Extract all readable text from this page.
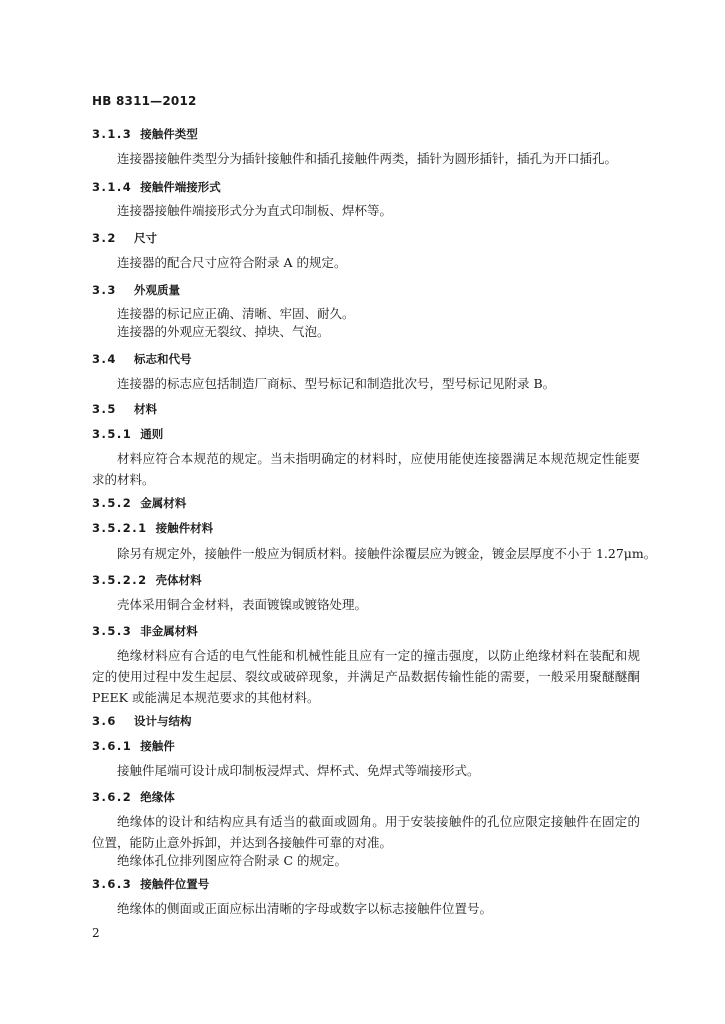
HB 8311—2012
3.1.3 接触件类型
连接器接触件类型分为插针接触件和插孔接触件两类，插针为圆形插针，插孔为开口插孔。
3.1.4 接触件端接形式
连接器接触件端接形式分为直式印制板、焊杯等。
3.2 尺寸
连接器的配合尺寸应符合附录 A 的规定。
3.3 外观质量
连接器的标记应正确、清晰、牢固、耐久。
连接器的外观应无裂纹、掉块、气泡。
3.4 标志和代号
连接器的标志应包括制造厂商标、型号标记和制造批次号，型号标记见附录 B。
3.5 材料
3.5.1 通则
材料应符合本规范的规定。当未指明确定的材料时，应使用能使连接器满足本规范规定性能要求的材料。
3.5.2 金属材料
3.5.2.1 接触件材料
除另有规定外，接触件一般应为铜质材料。接触件涂覆层应为镀金，镀金层厚度不小于 1.27μm。
3.5.2.2 壳体材料
壳体采用铜合金材料，表面镀镍或镀铬处理。
3.5.3 非金属材料
绝缘材料应有合适的电气性能和机械性能且应有一定的撞击强度，以防止绝缘材料在装配和规定的使用过程中发生起层、裂纹或破碎现象，并满足产品数据传输性能的需要，一般采用聚醚醚酮 PEEK 或能满足本规范要求的其他材料。
3.6 设计与结构
3.6.1 接触件
接触件尾端可设计成印制板浸焊式、焊杯式、免焊式等端接形式。
3.6.2 绝缘体
绝缘体的设计和结构应具有适当的截面或圆角。用于安装接触件的孔位应限定接触件在固定的位置，能防止意外拆卸，并达到各接触件可靠的对准。
绝缘体孔位排列图应符合附录 C 的规定。
3.6.3 接触件位置号
绝缘体的侧面或正面应标出清晰的字母或数字以标志接触件位置号。
2
